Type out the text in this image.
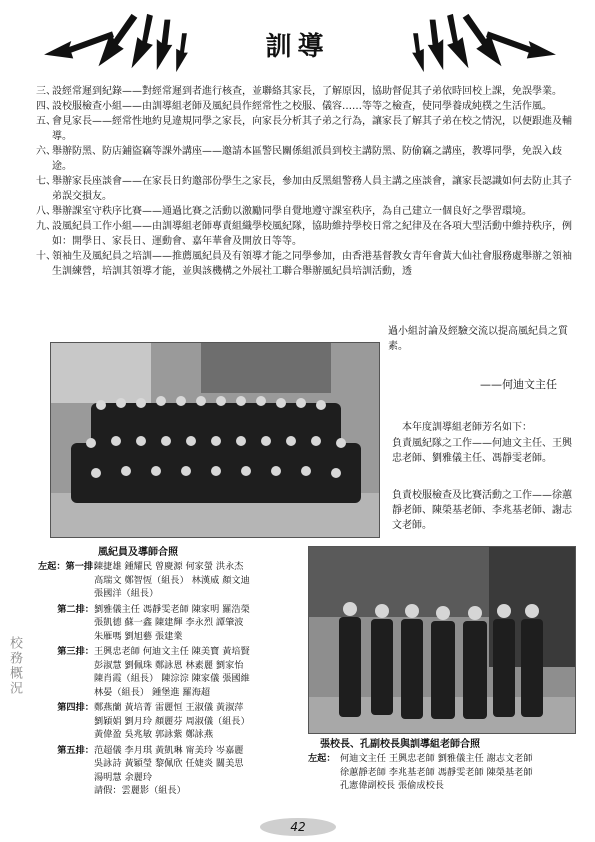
訓導
三、
設經常遲到紀錄——對經常遲到者進行核查，並聯絡其家長，了解原因，協助督促其子弟依時回校上課，免誤學業。
四、
設校服檢查小組——由訓導組老師及風紀員作經常性之校服、儀容……等等之檢查，使同學養成純樸之生活作風。
五、
會見家長——經常性地約見違規同學之家長，向家長分析其子弟之行為，讓家長了解其子弟在校之情況，以便跟進及輔導。
六、
舉辦防黑、防店鋪盜竊等課外講座——邀請本區警民關係組派員到校主講防黑、防偷竊之講座，教導同學，免誤入歧途。
七、
舉辦家長座談會——在家長日約邀部份學生之家長，參加由反黑組警務人員主講之座談會，讓家長認識如何去防止其子弟誤交損友。
八、
舉辦課室守秩序比賽——通過比賽之活動以激勵同學自覺地遵守課室秩序，為自己建立一個良好之學習環境。
九、
設風紀員工作小組——由訓導組老師專責組織學校風紀隊，協助維持學校日常之紀律及在各項大型活動中維持秩序，例如：開學日、家長日、運動會、嘉年華會及開放日等等。
十、
領袖生及風紀員之培訓——推薦風紀員及有領導才能之同學參加，由香港基督教女青年會黃大仙社會服務處舉辦之領袖生訓練營，培訓其領導才能，並與該機構之外展社工聯合舉辦風紀員培訓活動，透
過小組討論及經驗交流以提高風紀員之質素。
——何迪文主任
本年度訓導組老師芳名如下：
負責風紀隊之工作——何迪文主任、王興忠老師、劉雅儀主任、馮靜雯老師。
負責校服檢查及比賽活動之工作——徐蕙靜老師、陳榮基老師、李兆基老師、謝志文老師。
風紀員及導師合照
左起：第一排：
陳捷雄 鍾耀民 曾慶源 何家螢 洪永杰
高瑞文 鄭智恆（組長） 林漢威 顏文迪
張國洋（組長）
第二排： 劉雅儀主任 馮靜雯老師 陳家明 羅浩榮
張凱德 蘇一鑫 陳建輝 李永烈 譚肇波
朱雁嗎 劉旭藝 張建業
第三排： 王興忠老師 何迪文主任 陳美寶 黃培賢
彭淑慧 劉佩珠 鄭詠恩 林素麗 劉家怡
陳肖霞（組長） 陳淙淙 陳家儀 張國維
林晏（組長） 鍾堡進 羅海超
第四排： 鄭燕蘭 黃培菁 雷麗恒 王淑儀 黃淑萍
劉穎娟 劉月玲 顏麗芬 周淑儀（組長）
黃偉盈 吳兆敏 郭詠紫 鄭詠燕
第五排： 范超儀 李月琪 黃凱琳 甯美玲 岑嘉麗
吳詠詩 黃穎瑩 黎佩欣 任婕炎 關美思
湯明慧 余麗玲
請假：雲麗影（組長）
張校長、孔副校長與訓導組老師合照
左起： 何迪文主任 王興忠老師 劉雅儀主任 謝志文老師
徐蕙靜老師 李兆基老師 馮靜雯老師 陳榮基老師
孔憲偉副校長 張偷成校長
校務概況
42
